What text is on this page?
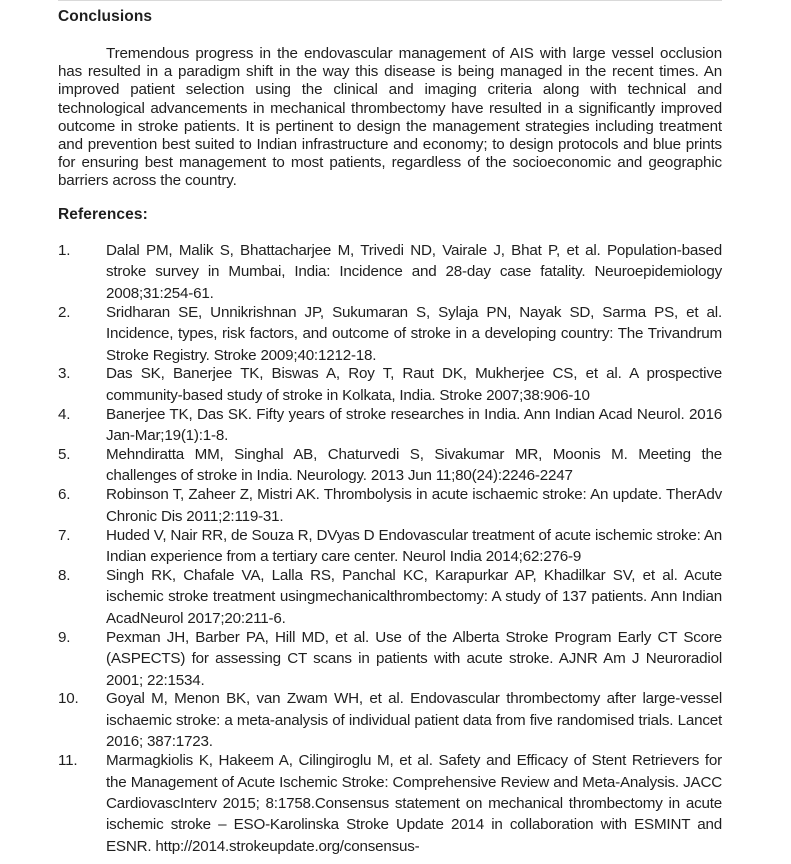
Conclusions

Tremendous progress in the endovascular management of AIS with large vessel occlusion has resulted in a paradigm shift in the way this disease is being managed in the recent times. An improved patient selection using the clinical and imaging criteria along with technical and technological advancements in mechanical thrombectomy have resulted in a significantly improved outcome in stroke patients. It is pertinent to design the management strategies including treatment and prevention best suited to Indian infrastructure and economy; to design protocols and blue prints for ensuring best management to most patients, regardless of the socioeconomic and geographic barriers across the country.

References:
1.	Dalal PM, Malik S, Bhattacharjee M, Trivedi ND, Vairale J, Bhat P, et al. Population-based stroke survey in Mumbai, India: Incidence and 28-day case fatality. Neuroepidemiology 2008;31:254-61.
2.	Sridharan SE, Unnikrishnan JP, Sukumaran S, Sylaja PN, Nayak SD, Sarma PS, et al. Incidence, types, risk factors, and outcome of stroke in a developing country: The Trivandrum Stroke Registry. Stroke 2009;40:1212-18.
3.	Das SK, Banerjee TK, Biswas A, Roy T, Raut DK, Mukherjee CS, et al. A prospective community-based study of stroke in Kolkata, India. Stroke 2007;38:906-10
4.	Banerjee TK, Das SK. Fifty years of stroke researches in India. Ann Indian Acad Neurol. 2016 Jan-Mar;19(1):1-8.
5.	Mehndiratta MM, Singhal AB, Chaturvedi S, Sivakumar MR, Moonis M. Meeting the challenges of stroke in India. Neurology. 2013 Jun 11;80(24):2246-2247
6.	Robinson T, Zaheer Z, Mistri AK. Thrombolysis in acute ischaemic stroke: An update. TherAdv Chronic Dis 2011;2:119-31.
7.	Huded V, Nair RR, de Souza R, DVyas D Endovascular treatment of acute ischemic stroke: An Indian experience from a tertiary care center. Neurol India 2014;62:276-9
8.	Singh RK, Chafale VA, Lalla RS, Panchal KC, Karapurkar AP, Khadilkar SV, et al. Acute ischemic stroke treatment usingmechanicalthrombectomy: A study of 137 patients. Ann Indian AcadNeurol 2017;20:211-6.
9.	Pexman JH, Barber PA, Hill MD, et al. Use of the Alberta Stroke Program Early CT Score (ASPECTS) for assessing CT scans in patients with acute stroke. AJNR Am J Neuroradiol 2001; 22:1534.
10.	Goyal M, Menon BK, van Zwam WH, et al. Endovascular thrombectomy after large-vessel ischaemic stroke: a meta-analysis of individual patient data from five randomised trials. Lancet 2016; 387:1723.
11.	Marmagkiolis K, Hakeem A, Cilingiroglu M, et al. Safety and Efficacy of Stent Retrievers for the Management of Acute Ischemic Stroke: Comprehensive Review and Meta-Analysis. JACC CardiovascInterv 2015; 8:1758.Consensus statement on mechanical thrombectomy in acute ischemic stroke – ESO-Karolinska Stroke Update 2014 in collaboration with ESMINT and ESNR. http://2014.strokeupdate.org/consensus-
